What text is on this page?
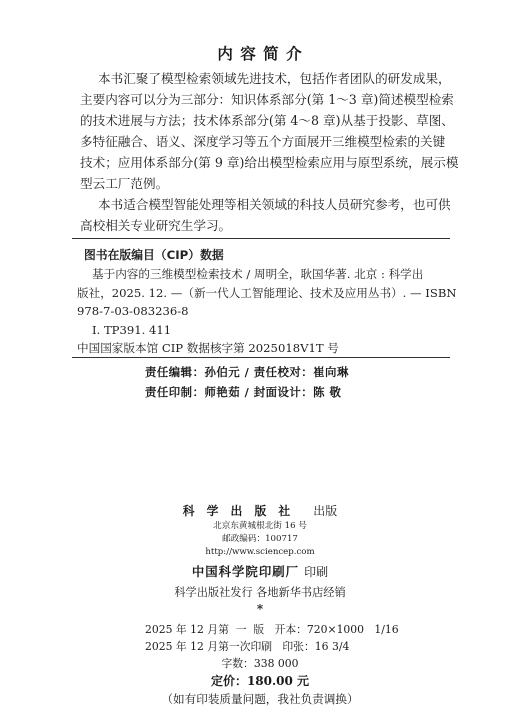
内 容 简 介
本书汇聚了模型检索领域先进技术，包括作者团队的研发成果，
主要内容可以分为三部分：知识体系部分(第 1～3 章)简述模型检索
的技术进展与方法；技术体系部分(第 4～8 章)从基于投影、草图、
多特征融合、语义、深度学习等五个方面展开三维模型检索的关键
技术；应用体系部分(第 9 章)给出模型检索应用与原型系统，展示模
型云工厂范例。
本书适合模型智能处理等相关领域的科技人员研究参考，也可供
高校相关专业研究生学习。
图书在版编目（CIP）数据
基于内容的三维模型检索技术 / 周明全，耿国华著. 北京 : 科学出
版社，2025. 12. —（新一代人工智能理论、技术及应用丛书）. — ISBN
978-7-03-083236-8
Ⅰ. TP391. 411
中国国家版本馆 CIP 数据核字第 2025018V1T 号
责任编辑：孙伯元 / 责任校对：崔向琳
责任印制：师艳茹 / 封面设计：陈 敬
科 学 出 版 社 出版
北京东黄城根北街 16 号
邮政编码：100717
http://www.sciencep.com
中国科学院印刷厂 印刷
科学出版社发行 各地新华书店经销
*
2025 年 12 月第  一  版   开本：720×1000   1/16
2025 年 12 月第一次印刷   印张：16 3/4
字数：338 000
定价：180.00 元
（如有印装质量问题，我社负责调换）
